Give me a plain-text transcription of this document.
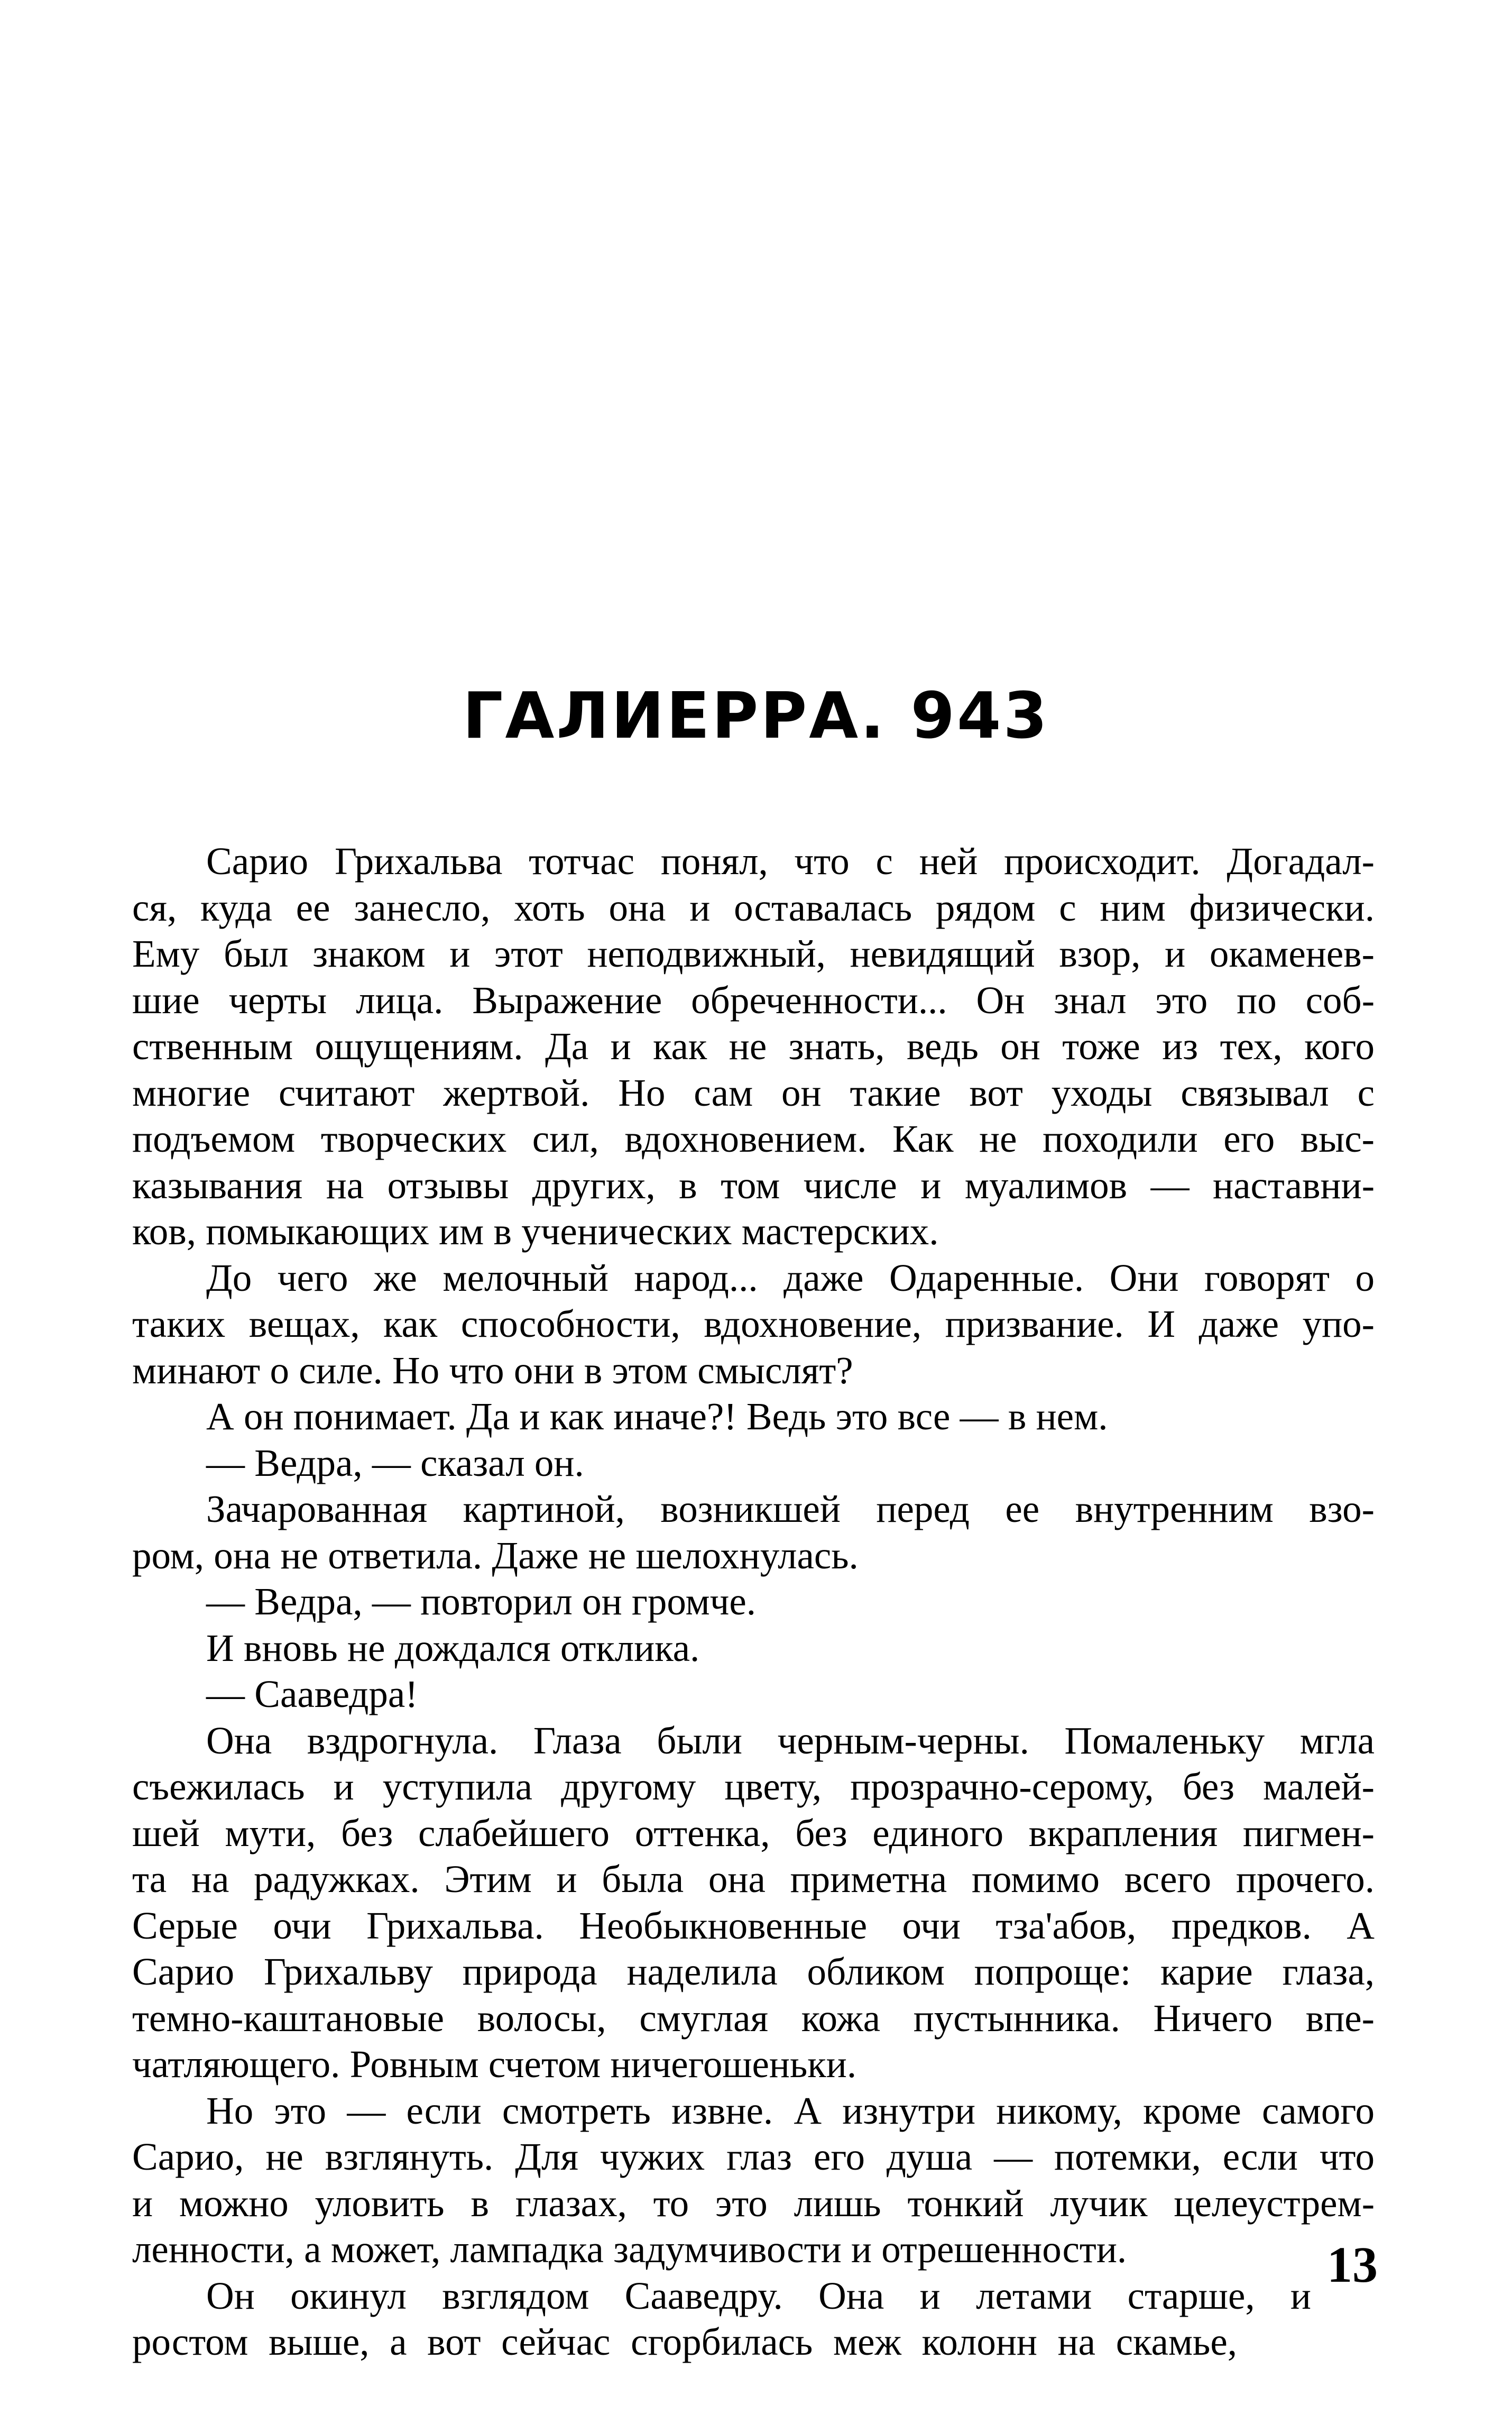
ГАЛИЕРРА. 943
Сарио Грихальва тотчас понял, что с ней происходит. Догадал-
ся, куда ее занесло, хоть она и оставалась рядом с ним физически.
Ему был знаком и этот неподвижный, невидящий взор, и окаменев-
шие черты лица. Выражение обреченности... Он знал это по соб-
ственным ощущениям. Да и как не знать, ведь он тоже из тех, кого
многие считают жертвой. Но сам он такие вот уходы связывал с
подъемом творческих сил, вдохновением. Как не походили его выс-
казывания на отзывы других, в том числе и муалимов — наставни-
ков, помыкающих им в ученических мастерских.
До чего же мелочный народ... даже Одаренные. Они говорят о
таких вещах, как способности, вдохновение, призвание. И даже упо-
минают о силе. Но что они в этом смыслят?
А он понимает. Да и как иначе?! Ведь это все — в нем.
— Ведра, — сказал он.
Зачарованная картиной, возникшей перед ее внутренним взо-
ром, она не ответила. Даже не шелохнулась.
— Ведра, — повторил он громче.
И вновь не дождался отклика.
— Сааведра!
Она вздрогнула. Глаза были черным-черны. Помаленьку мгла
съежилась и уступила другому цвету, прозрачно-серому, без малей-
шей мути, без слабейшего оттенка, без единого вкрапления пигмен-
та на радужках. Этим и была она приметна помимо всего прочего.
Серые очи Грихальва. Необыкновенные очи тза'абов, предков. А
Сарио Грихальву природа наделила обликом попроще: карие глаза,
темно-каштановые волосы, смуглая кожа пустынника. Ничего впе-
чатляющего. Ровным счетом ничегошеньки.
Но это — если смотреть извне. А изнутри никому, кроме самого
Сарио, не взглянуть. Для чужих глаз его душа — потемки, если что
и можно уловить в глазах, то это лишь тонкий лучик целеустрем-
ленности, а может, лампадка задумчивости и отрешенности.
Он окинул взглядом Сааведру. Она и летами старше, и
ростом выше, а вот сейчас сгорбилась меж колонн на скамье,
13
